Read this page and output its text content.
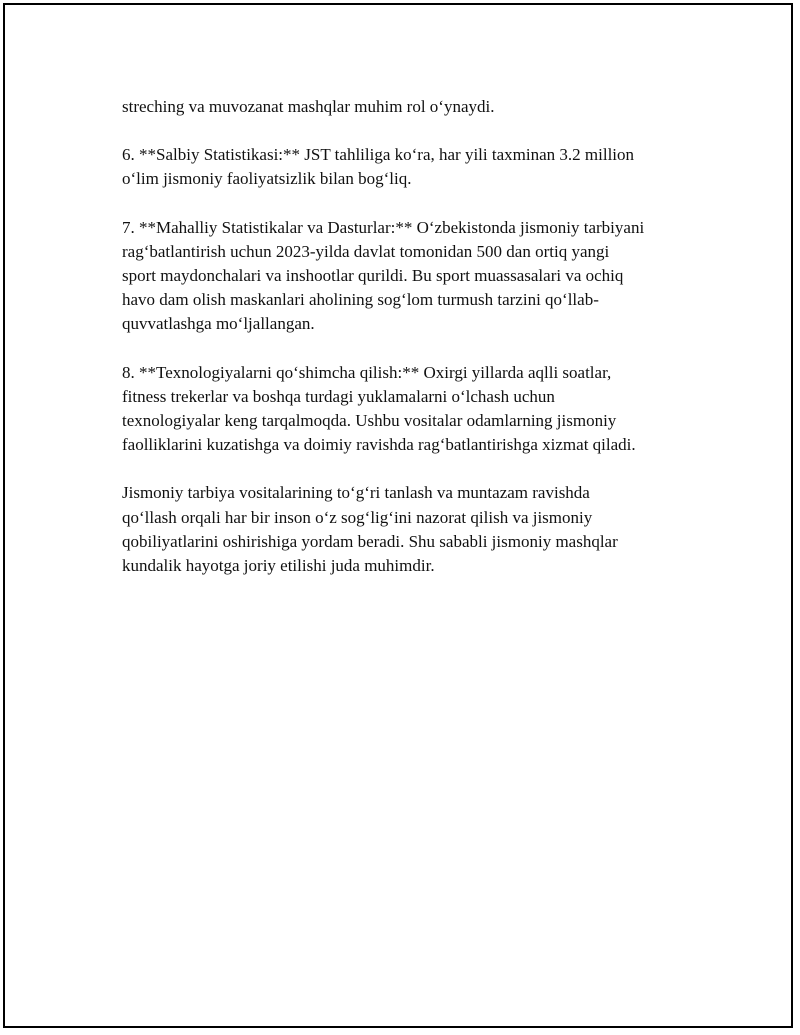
streching va muvozanat mashqlar muhim rol o‘ynaydi.

6. **Salbiy Statistikasi:** JST tahliliga ko‘ra, har yili taxminan 3.2 million
o‘lim jismoniy faoliyatsizlik bilan bog‘liq.

7. **Mahalliy Statistikalar va Dasturlar:** O‘zbekistonda jismoniy tarbiyani
rag‘batlantirish uchun 2023-yilda davlat tomonidan 500 dan ortiq yangi
sport maydonchalari va inshootlar qurildi. Bu sport muassasalari va ochiq
havo dam olish maskanlari aholining sog‘lom turmush tarzini qo‘llab-
quvvatlashga mo‘ljallangan.

8. **Texnologiyalarni qo‘shimcha qilish:** Oxirgi yillarda aqlli soatlar,
fitness trekerlar va boshqa turdagi yuklamalarni o‘lchash uchun
texnologiyalar keng tarqalmoqda. Ushbu vositalar odamlarning jismoniy
faolliklarini kuzatishga va doimiy ravishda rag‘batlantirishga xizmat qiladi.

Jismoniy tarbiya vositalarining to‘g‘ri tanlash va muntazam ravishda
qo‘llash orqali har bir inson o‘z sog‘lig‘ini nazorat qilish va jismoniy
qobiliyatlarini oshirishiga yordam beradi. Shu sababli jismoniy mashqlar
kundalik hayotga joriy etilishi juda muhimdir.
